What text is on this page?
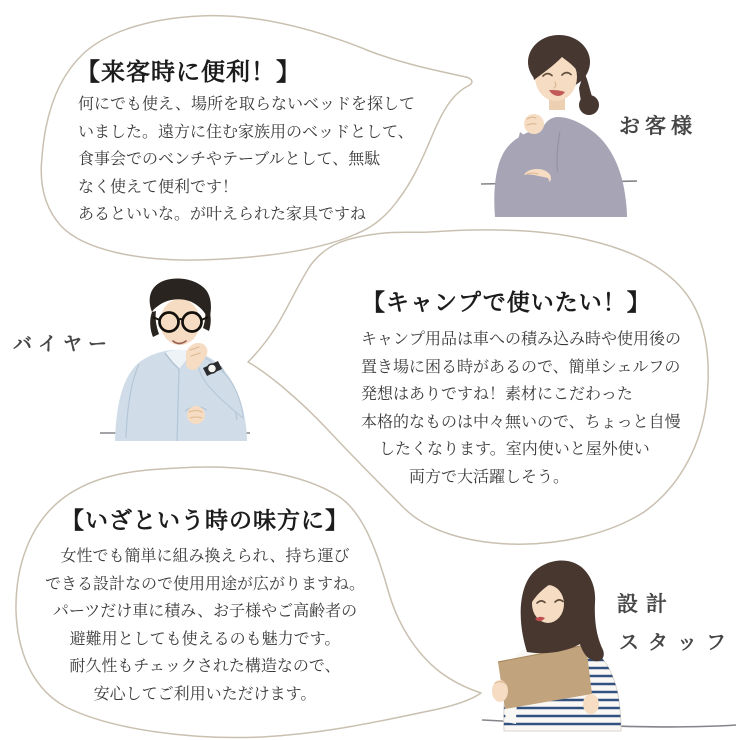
【来客時に便利！】
何にでも使え、場所を取らないベッドを探して
いました。遠方に住む家族用のベッドとして、
食事会でのベンチやテーブルとして、無駄
なく使えて便利です！
あるといいな。が叶えられた家具ですね
【キャンプで使いたい！】
キャンプ用品は車への積み込み時や使用後の
置き場に困る時があるので、簡単シェルフの
発想はありですね！素材にこだわった
本格的なものは中々無いので、ちょっと自慢
したくなります。室内使いと屋外使い
両方で大活躍しそう。
【いざという時の味方に】
女性でも簡単に組み換えられ、持ち運び
できる設計なので使用用途が広がりますね。
パーツだけ車に積み、お子様やご高齢者の
避難用としても使えるのも魅力です。
耐久性もチェックされた構造なので、
安心してご利用いただけます。
お客様
バイヤー
設計
スタッフ
